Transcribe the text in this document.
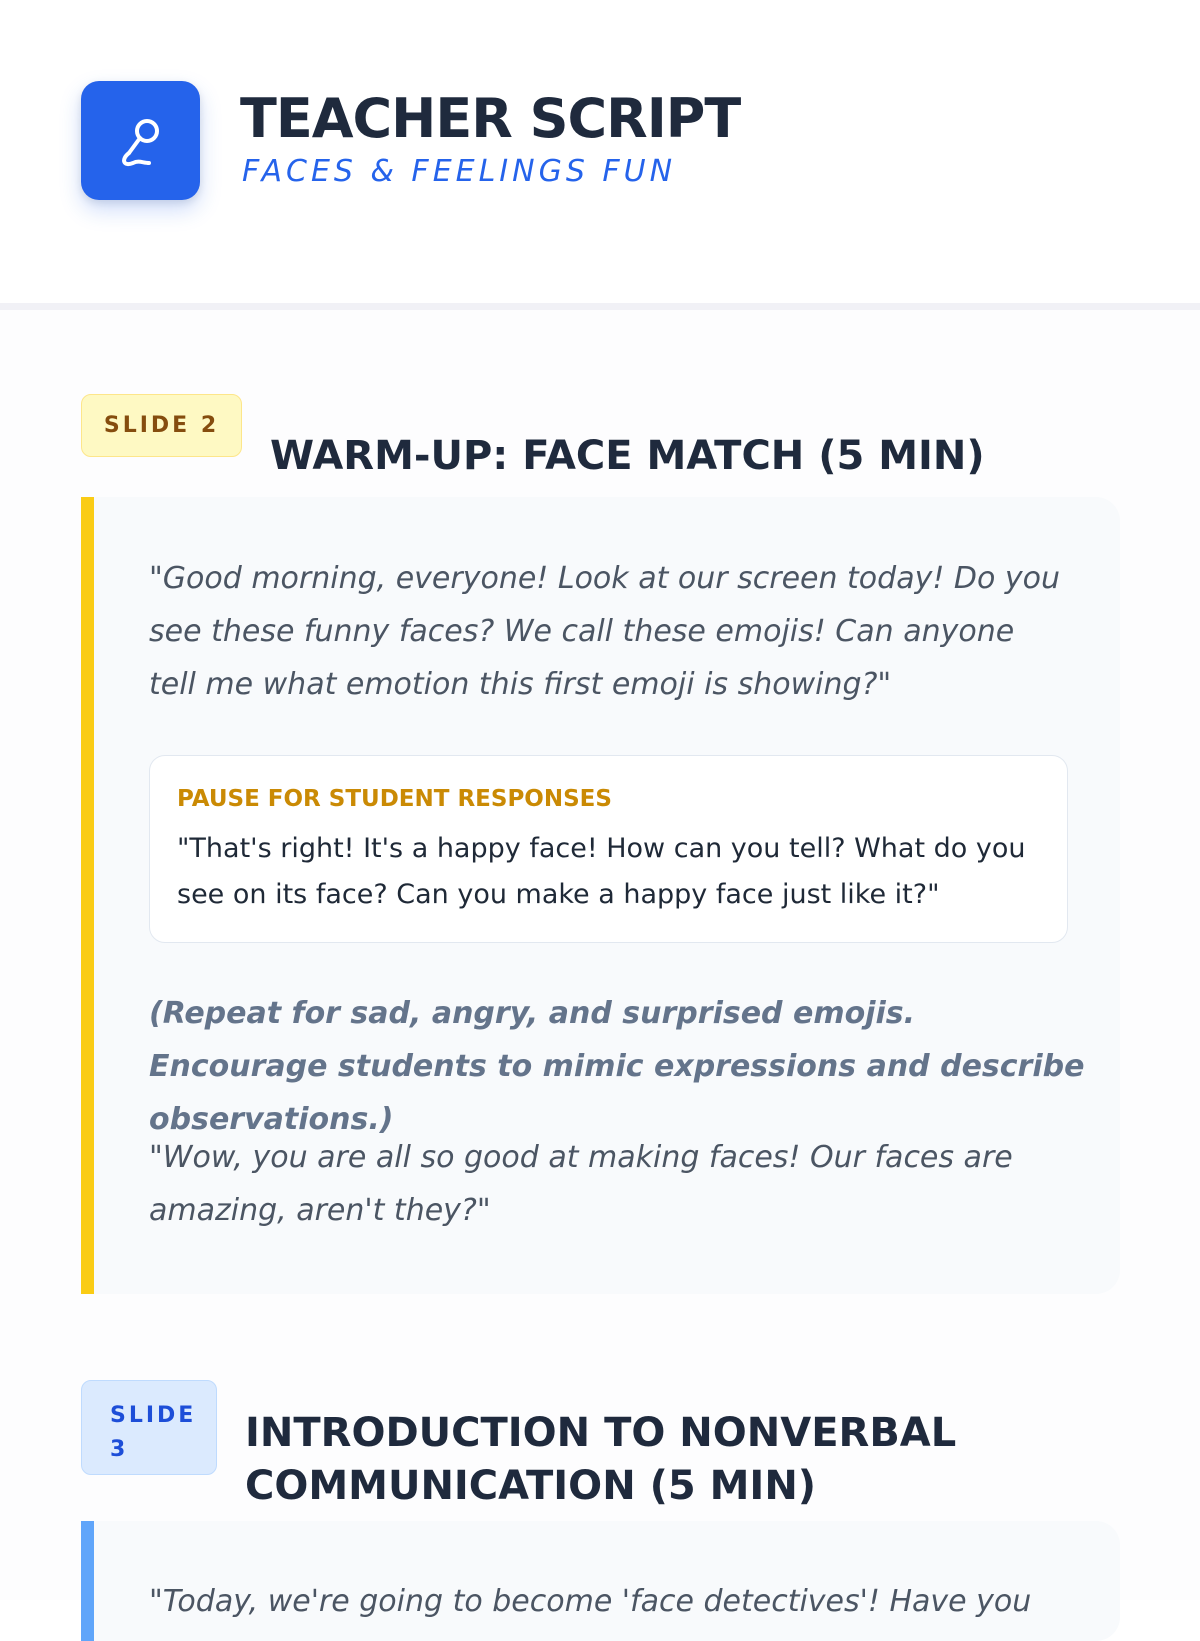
TEACHER SCRIPT
FACES & FEELINGS FUN
SLIDE 2
WARM-UP: FACE MATCH (5 MIN)

"Good morning, everyone! Look at our screen today! Do you see these funny faces? We call these emojis! Can anyone tell me what emotion this first emoji is showing?"

PAUSE FOR STUDENT RESPONSES

"That's right! It's a happy face! How can you tell? What do you see on its face? Can you make a happy face just like it?"

(Repeat for sad, angry, and surprised emojis. Encourage students to mimic expressions and describe observations.)

"Wow, you are all so good at making faces! Our faces are amazing, aren't they?"

SLIDE 3	INTRODUCTION TO NONVERBAL COMMUNICATION (5 MIN)

"Today, we're going to become 'face detectives'! Have you
